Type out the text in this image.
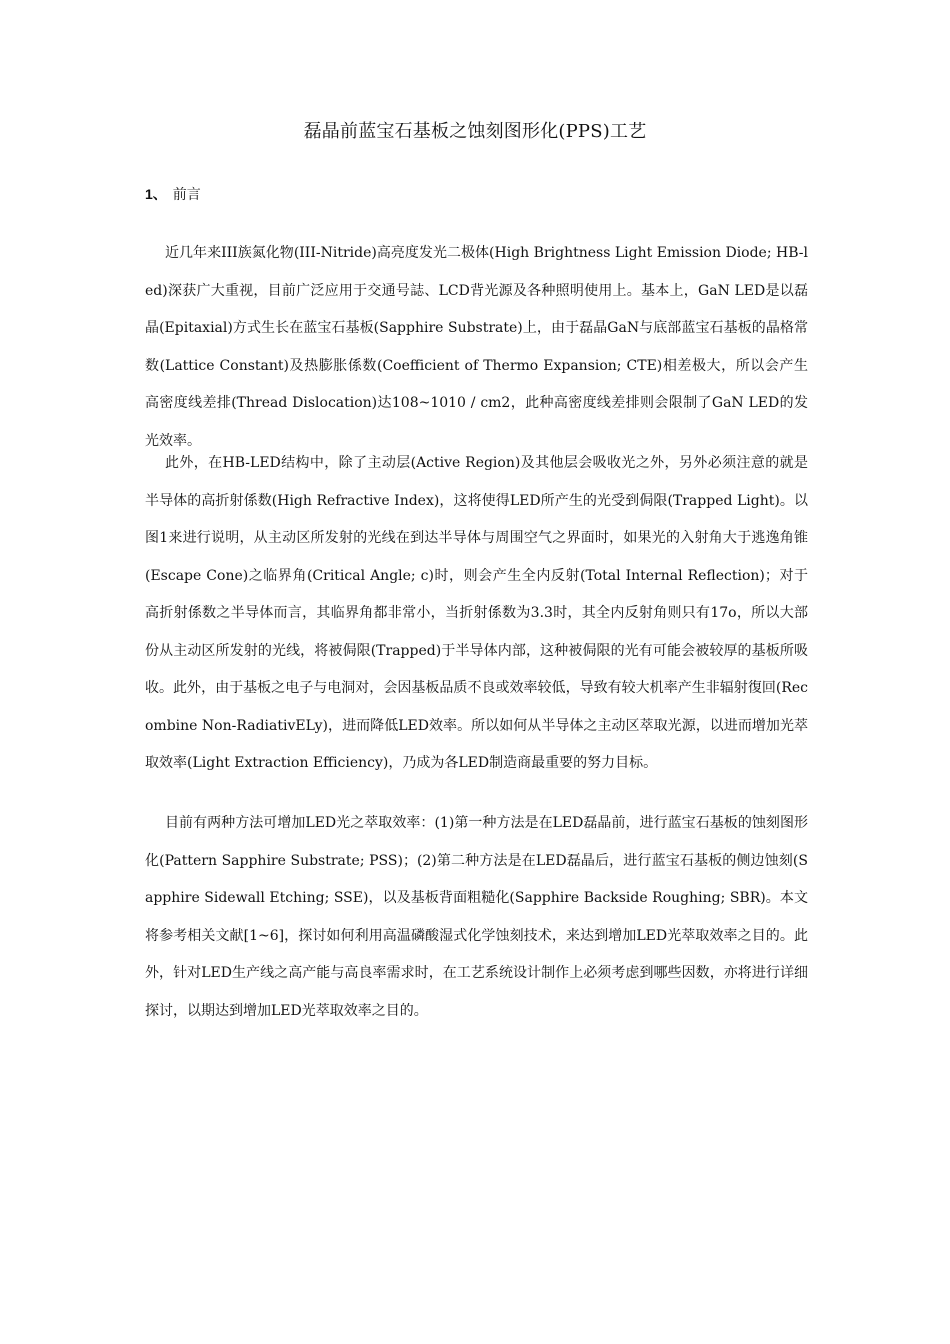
磊晶前蓝宝石基板之蚀刻图形化(PPS)工艺
1、 前言

近几年来III族氮化物(III-Nitride)高亮度发光二极体(High Brightness Light Emission Diode; HB-led)深获广大重视，目前广泛应用于交通号誌、LCD背光源及各种照明使用上。基本上，GaN LED是以磊晶(Epitaxial)方式生长在蓝宝石基板(Sapphire Substrate)上，由于磊晶GaN与底部蓝宝石基板的晶格常数(Lattice Constant)及热膨胀係数(Coefficient of Thermo Expansion; CTE)相差极大，所以会产生高密度线差排(Thread Dislocation)达108~1010 / cm2，此种高密度线差排则会限制了GaN LED的发光效率。

此外，在HB-LED结构中，除了主动层(Active Region)及其他层会吸收光之外，另外必须注意的就是半导体的高折射係数(High Refractive Index)，这将使得LED所产生的光受到侷限(Trapped Light)。以图1来进行说明，从主动区所发射的光线在到达半导体与周围空气之界面时，如果光的入射角大于逃逸角锥(Escape Cone)之临界角(Critical Angle; c)时，则会产生全内反射(Total Internal Reflection)；对于高折射係数之半导体而言，其临界角都非常小，当折射係数为3.3时，其全内反射角则只有17o，所以大部份从主动区所发射的光线，将被侷限(Trapped)于半导体内部，这种被侷限的光有可能会被较厚的基板所吸收。此外，由于基板之电子与电洞对，会因基板品质不良或效率较低，导致有较大机率产生非辐射復回(Recombine Non-RadiativELy)，进而降低LED效率。所以如何从半导体之主动区萃取光源，以进而增加光萃取效率(Light Extraction Efficiency)，乃成为各LED制造商最重要的努力目标。

目前有两种方法可增加LED光之萃取效率：(1)第一种方法是在LED磊晶前，进行蓝宝石基板的蚀刻图形化(Pattern Sapphire Substrate; PSS)；(2)第二种方法是在LED磊晶后，进行蓝宝石基板的侧边蚀刻(Sapphire Sidewall Etching; SSE)，以及基板背面粗糙化(Sapphire Backside Roughing; SBR)。本文将参考相关文献[1~6]，探讨如何利用高温磷酸湿式化学蚀刻技术，来达到增加LED光萃取效率之目的。此外，针对LED生产线之高产能与高良率需求时，在工艺系统设计制作上必须考虑到哪些因数，亦将进行详细探讨，以期达到增加LED光萃取效率之目的。
